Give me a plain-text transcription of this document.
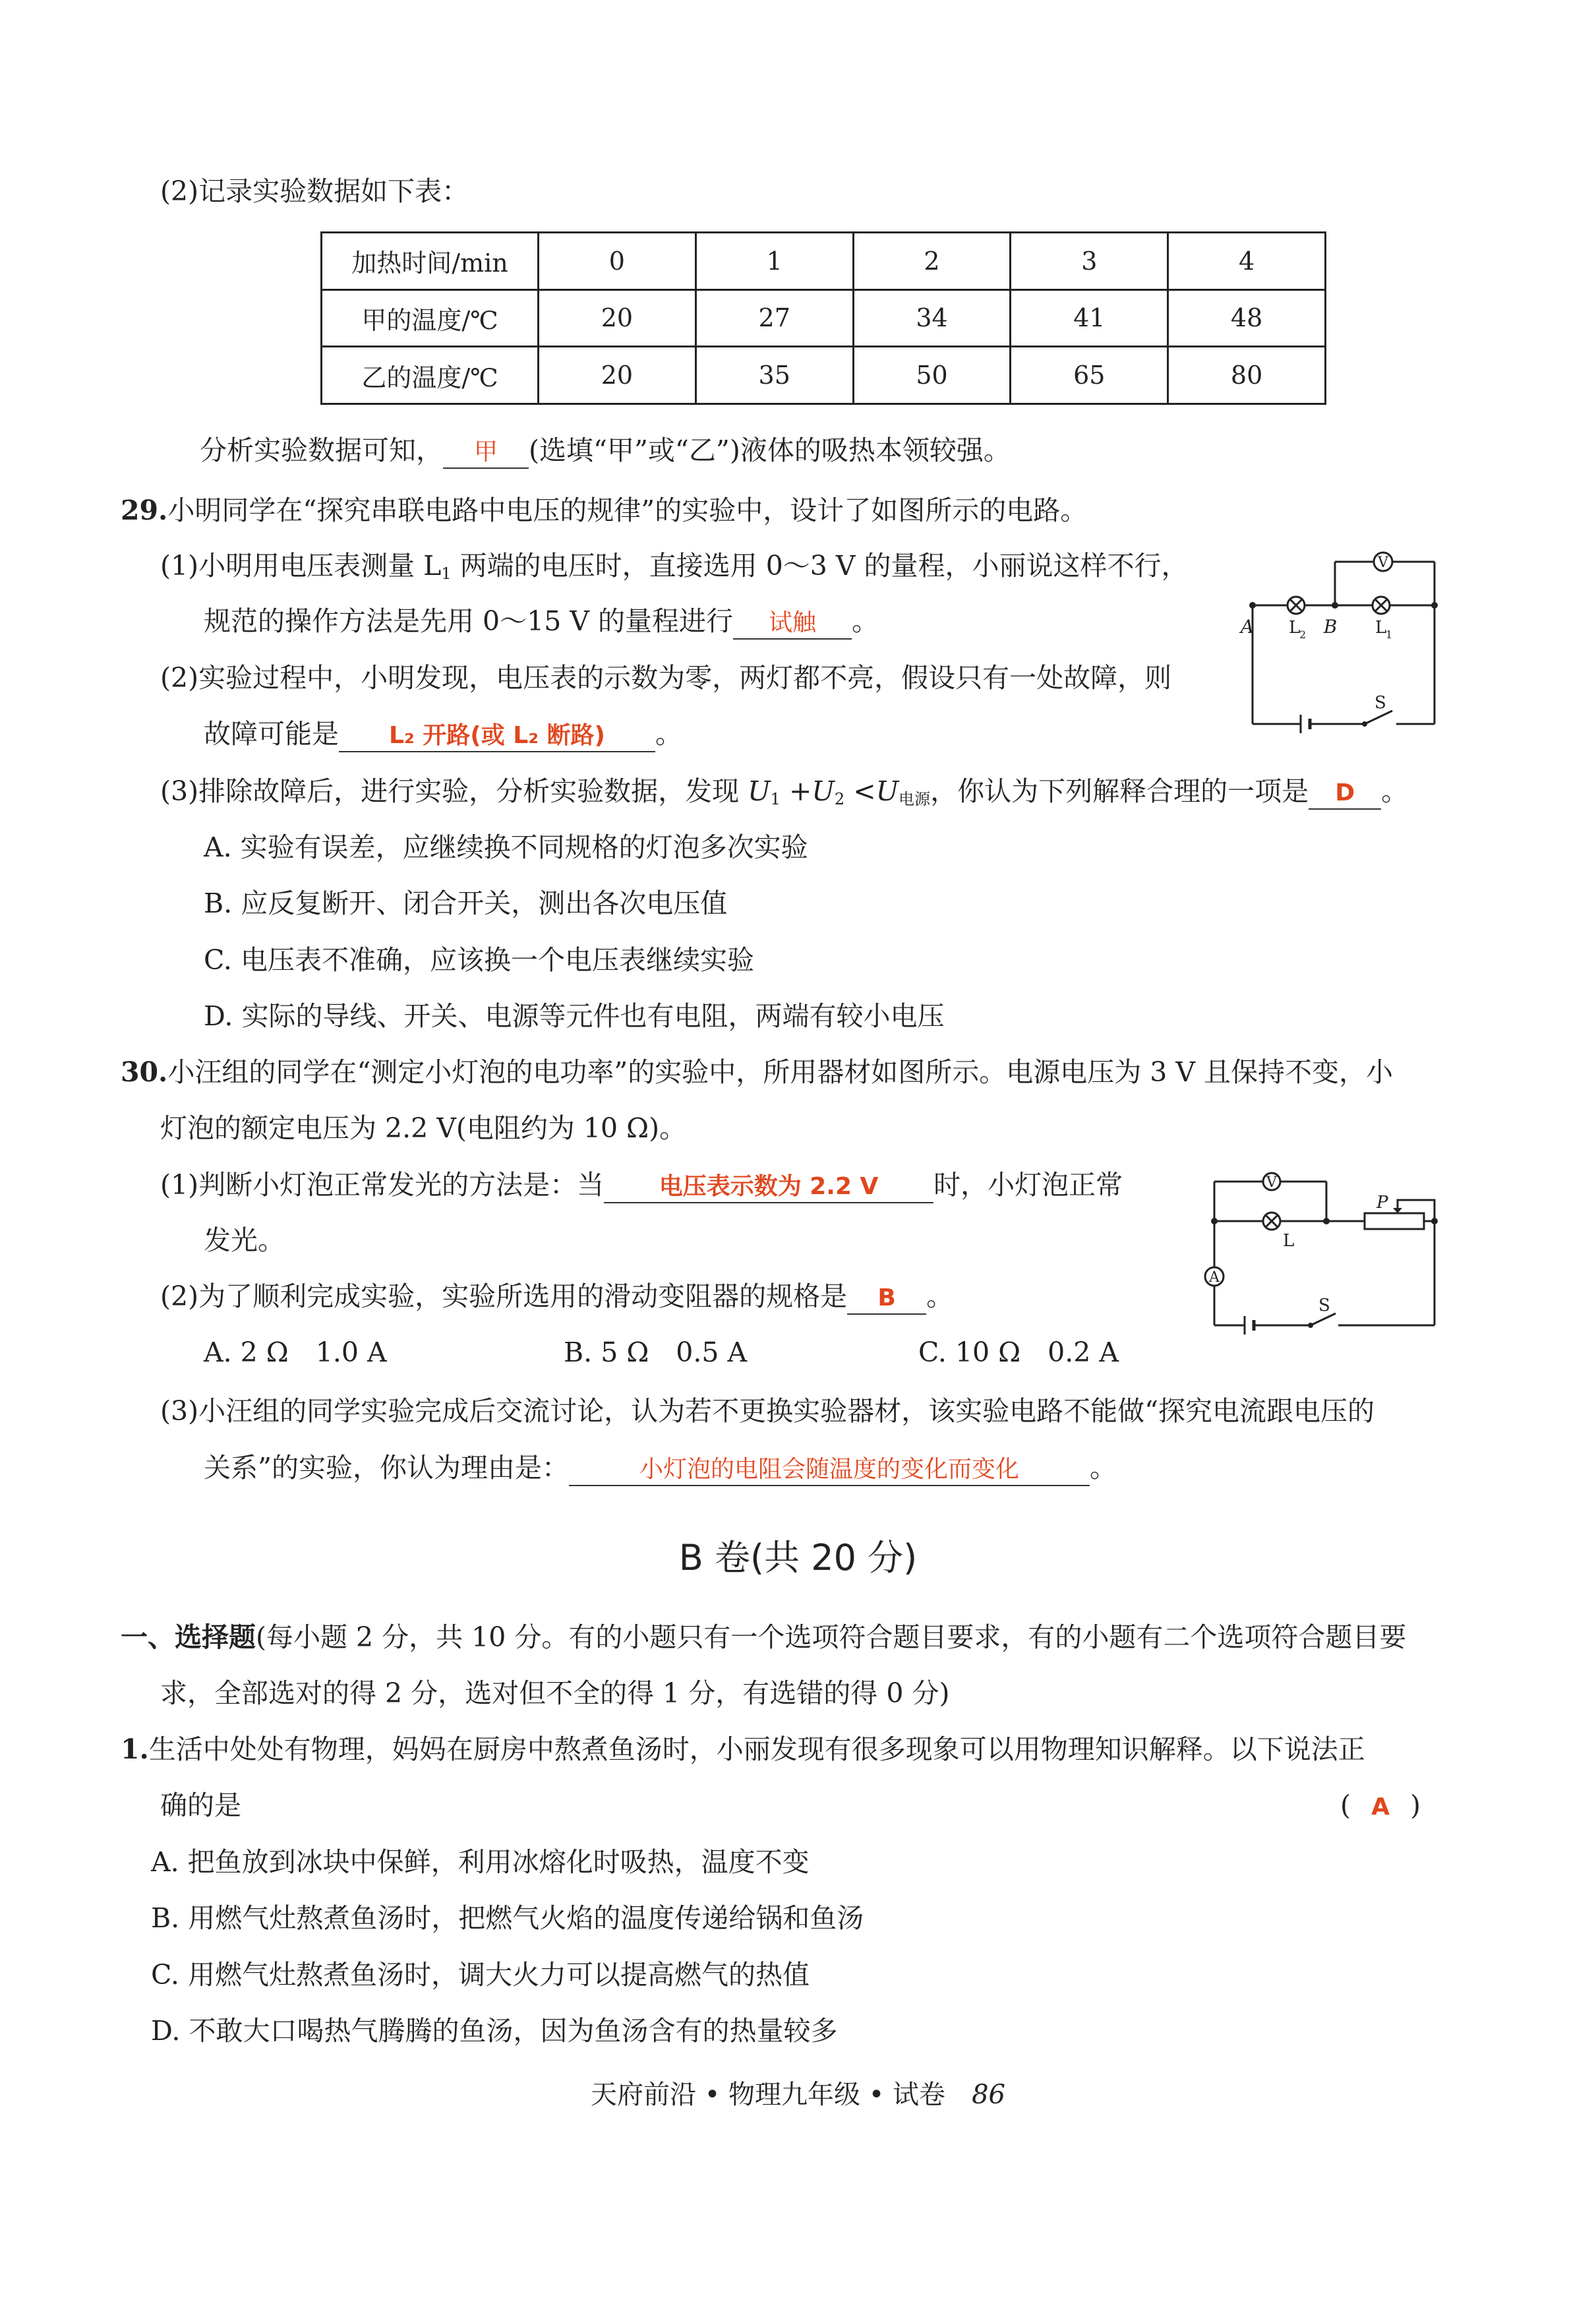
(2)记录实验数据如下表：
加热时间/min	0	1	2	3	4
甲的温度/℃	20	27	34	41	48
乙的温度/℃	20	35	50	65	80
分析实验数据可知， 甲 (选填“甲”或“乙”)液体的吸热本领较强。
29.小明同学在“探究串联电路中电压的规律”的实验中，设计了如图所示的电路。
(1)小明用电压表测量 $L_1$ 两端的电压时，直接选用 0～3 V 的量程，小丽说这样不行，
规范的操作方法是先用 0～15 V 的量程进行 试触 。
(2)实验过程中，小明发现，电压表的示数为零，两灯都不亮，假设只有一处故障，则
故障可能是 L₂ 开路(或 L₂ 断路) 。
(3)排除故障后，进行实验，分析实验数据，发现 $U_1 +U_2 <U_{电源}$，你认为下列解释合理的一项是 D 。
A. 实验有误差，应继续换不同规格的灯泡多次实验
B. 应反复断开、闭合开关，测出各次电压值
C. 电压表不准确，应该换一个电压表继续实验
D. 实际的导线、开关、电源等元件也有电阻，两端有较小电压
V
A L
2 B L
1
S
30.小汪组的同学在“测定小灯泡的电功率”的实验中，所用器材如图所示。电源电压为 3 V 且保持不变，小
灯泡的额定电压为 2.2 V(电阻约为 10 Ω)。
(1)判断小灯泡正常发光的方法是：当 电压表示数为 2.2 V 时，小灯泡正常
发光。
(2)为了顺利完成实验，实验所选用的滑动变阻器的规格是 B 。
A. 2 Ω　1.0 A	B. 5 Ω　0.5 A	C. 10 Ω　0.2 A
(3)小汪组的同学实验完成后交流讨论，认为若不更换实验器材，该实验电路不能做“探究电流跟电压的
关系”的实验，你认为理由是：	小灯泡的电阻会随温度的变化而变化	。
V
A
L
P
S
B 卷(共 20 分)
一、选择题(每小题 2 分，共 10 分。有的小题只有一个选项符合题目要求，有的小题有二个选项符合题目要
求，全部选对的得 2 分，选对但不全的得 1 分，有选错的得 0 分)
1.生活中处处有物理，妈妈在厨房中熬煮鱼汤时，小丽发现有很多现象可以用物理知识解释。以下说法正
确的是	( A )
A. 把鱼放到冰块中保鲜，利用冰熔化时吸热，温度不变
B. 用燃气灶熬煮鱼汤时，把燃气火焰的温度传递给锅和鱼汤
C. 用燃气灶熬煮鱼汤时，调大火力可以提高燃气的热值
D. 不敢大口喝热气腾腾的鱼汤，因为鱼汤含有的热量较多
天府前沿 • 物理九年级 • 试卷　 86
